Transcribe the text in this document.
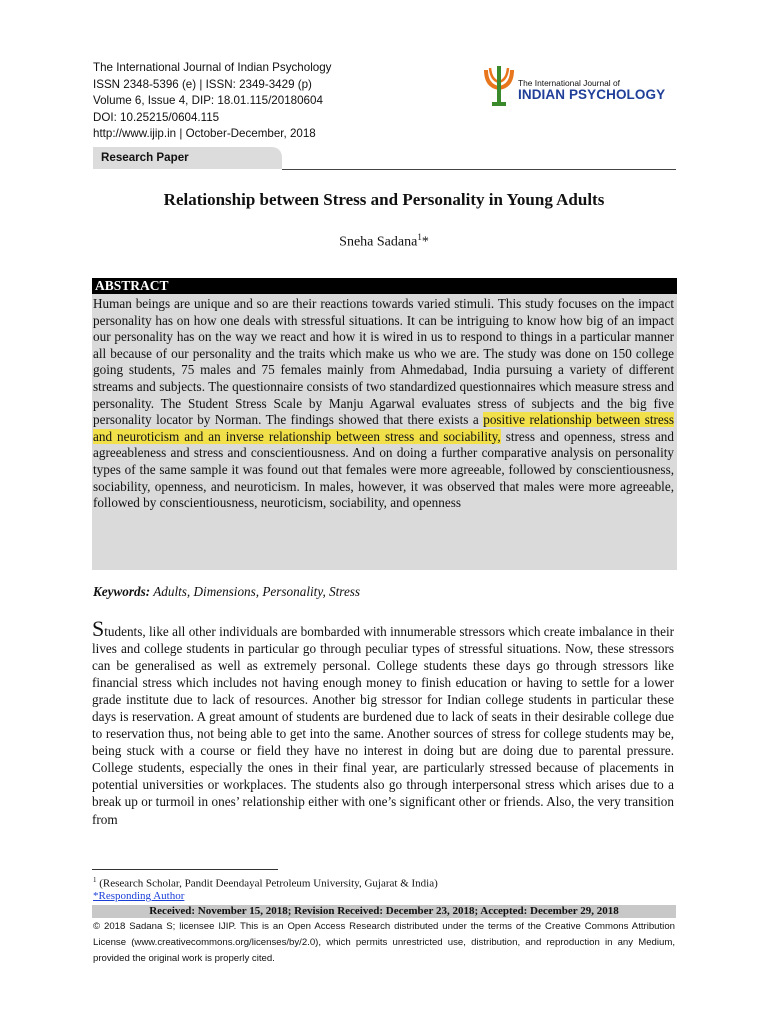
The International Journal of Indian Psychology
ISSN 2348-5396 (e) | ISSN: 2349-3429 (p)
Volume 6, Issue 4, DIP: 18.01.115/20180604
DOI: 10.25215/0604.115
http://www.ijip.in | October-December, 2018
The International Journal of
INDIAN PSYCHOLOGY
Research Paper
Relationship between Stress and Personality in Young Adults
Sneha Sadana$^1$*
ABSTRACT
Human beings are unique and so are their reactions towards varied stimuli. This study focuses on the impact personality has on how one deals with stressful situations. It can be intriguing to know how big of an impact our personality has on the way we react and how it is wired in us to respond to things in a particular manner all because of our personality and the traits which make us who we are. The study was done on 150 college going students, 75 males and 75 females mainly from Ahmedabad, India pursuing a variety of different streams and subjects. The questionnaire consists of two standardized questionnaires which measure stress and personality. The Student Stress Scale by Manju Agarwal evaluates stress of subjects and the big five personality locator by Norman. The findings showed that there exists a positive relationship between stress and neuroticism and an inverse relationship between stress and sociability, stress and openness, stress and agreeableness and stress and conscientiousness. And on doing a further comparative analysis on personality types of the same sample it was found out that females were more agreeable, followed by conscientiousness, sociability, openness, and neuroticism. In males, however, it was observed that males were more agreeable, followed by conscientiousness, neuroticism, sociability, and openness
Keywords: Adults, Dimensions, Personality, Stress
Students, like all other individuals are bombarded with innumerable stressors which create imbalance in their lives and college students in particular go through peculiar types of stressful situations. Now, these stressors can be generalised as well as extremely personal. College students these days go through stressors like financial stress which includes not having enough money to finish education or having to settle for a lower grade institute due to lack of resources. Another big stressor for Indian college students in particular these days is reservation. A great amount of students are burdened due to lack of seats in their desirable college due to reservation thus, not being able to get into the same. Another sources of stress for college students may be, being stuck with a course or field they have no interest in doing but are doing due to parental pressure. College students, especially the ones in their final year, are particularly stressed because of placements in potential universities or workplaces. The students also go through interpersonal stress which arises due to a break up or turmoil in ones’ relationship either with one’s significant other or friends. Also, the very transition from
$^1$ (Research Scholar, Pandit Deendayal Petroleum University, Gujarat & India)
*Responding Author
Received: November 15, 2018; Revision Received: December 23, 2018; Accepted: December 29, 2018
© 2018 Sadana S; licensee IJIP. This is an Open Access Research distributed under the terms of the Creative Commons Attribution License (www.creativecommons.org/licenses/by/2.0), which permits unrestricted use, distribution, and reproduction in any Medium, provided the original work is properly cited.
